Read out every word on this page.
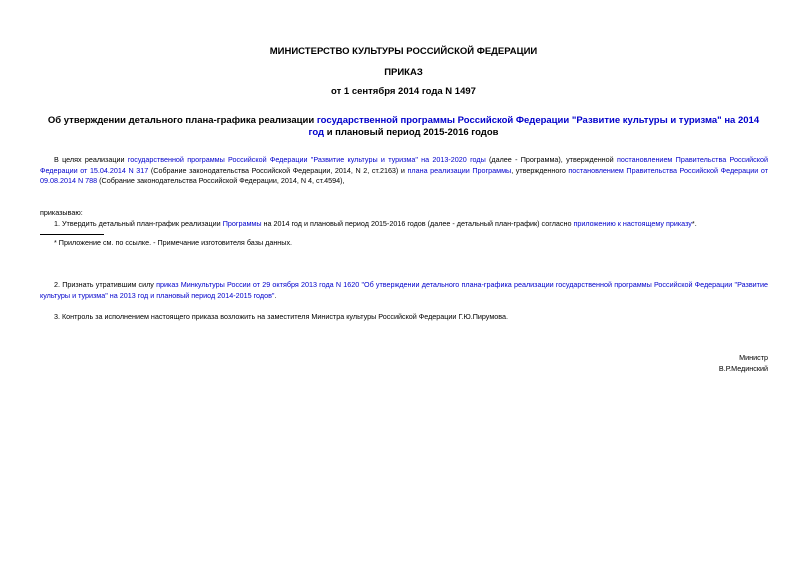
МИНИСТЕРСТВО КУЛЬТУРЫ РОССИЙСКОЙ ФЕДЕРАЦИИ
ПРИКАЗ
от 1 сентября 2014 года N 1497
Об утверждении детального плана-графика реализации государственной программы Российской Федерации "Развитие культуры и туризма" на 2014 год и плановый период 2015-2016 годов
В целях реализации государственной программы Российской Федерации "Развитие культуры и туризма" на 2013-2020 годы (далее - Программа), утвержденной постановлением Правительства Российской Федерации от 15.04.2014 N 317 (Собрание законодательства Российской Федерации, 2014, N 2, ст.2163) и плана реализации Программы, утвержденного постановлением Правительства Российской Федерации от 09.08.2014 N 788 (Собрание законодательства Российской Федерации, 2014, N 4, ст.4594),
приказываю:
1. Утвердить детальный план-график реализации Программы на 2014 год и плановый период 2015-2016 годов (далее - детальный план-график) согласно приложению к настоящему приказу*.
* Приложение см. по ссылке. - Примечание изготовителя базы данных.
2. Признать утратившим силу приказ Минкультуры России от 29 октября 2013 года N 1620 "Об утверждении детального плана-графика реализации государственной программы Российской Федерации "Развитие культуры и туризма" на 2013 год и плановый период 2014-2015 годов".
3. Контроль за исполнением настоящего приказа возложить на заместителя Министра культуры Российской Федерации Г.Ю.Пирумова.
Министр
В.Р.Мединский
